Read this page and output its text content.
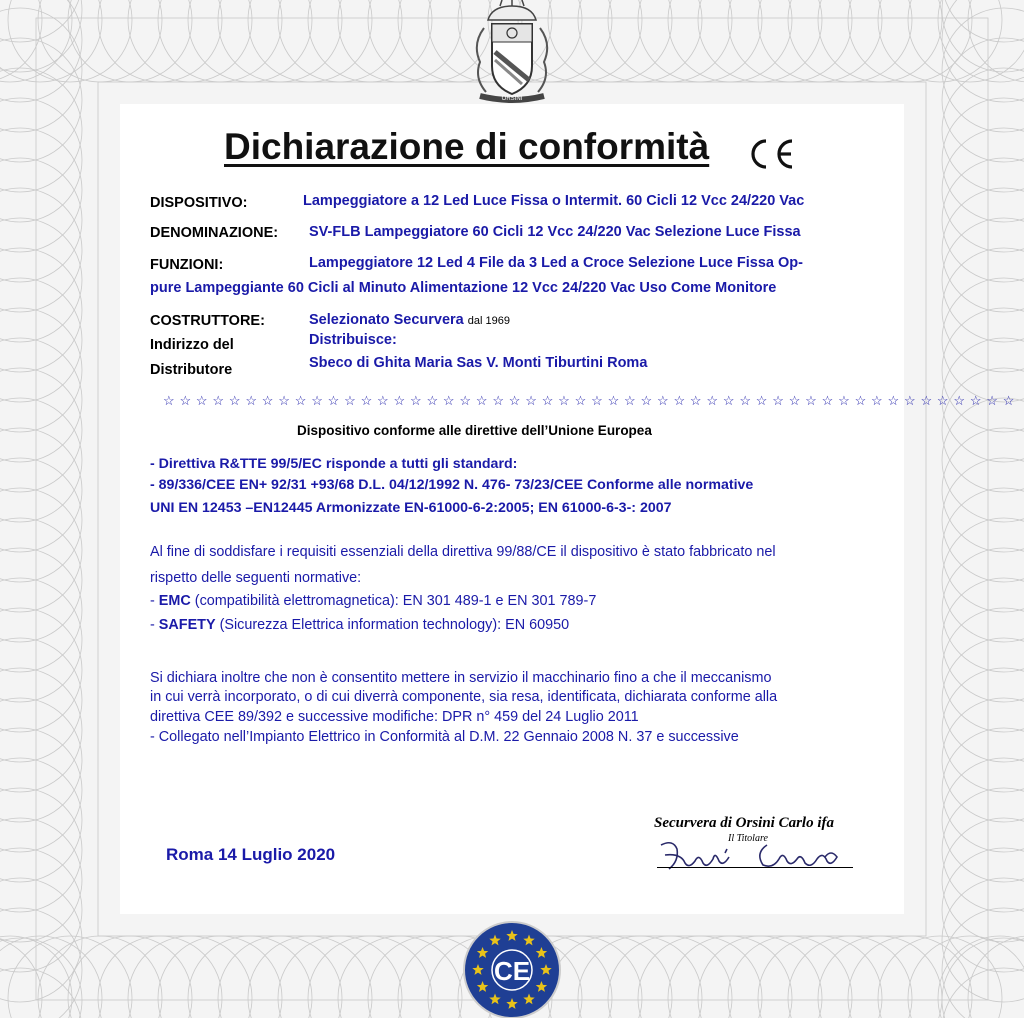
ORSINI
Dichiarazione di conformità
DISPOSITIVO:	Lampeggiatore a 12 Led Luce Fissa o Intermit. 60 Cicli 12 Vcc 24/220 Vac
DENOMINAZIONE: SV-FLB Lampeggiatore 60 Cicli 12 Vcc 24/220 Vac Selezione Luce Fissa
FUNZIONI:	Lampeggiatore 12 Led 4 File da 3 Led a Croce Selezione Luce Fissa Op-
pure Lampeggiante 60 Cicli al Minuto Alimentazione 12 Vcc 24/220 Vac Uso Come Monitore
COSTRUTTORE:	Selezionato Securvera dal 1969
Indirizzo del	Distribuisce:
Distributore	Sbeco di Ghita Maria Sas V. Monti Tiburtini Roma
☆ ☆ ☆ ☆ ☆ ☆ ☆ ☆ ☆ ☆ ☆ ☆ ☆ ☆ ☆ ☆ ☆ ☆ ☆ ☆ ☆ ☆ ☆ ☆ ☆ ☆ ☆ ☆ ☆ ☆ ☆ ☆ ☆ ☆ ☆ ☆ ☆ ☆ ☆ ☆ ☆ ☆ ☆ ☆ ☆ ☆ ☆ ☆ ☆ ☆ ☆ ☆
Dispositivo conforme alle direttive dell’Unione Europea
- Direttiva R&TTE 99/5/EC risponde a tutti gli standard:
- 89/336/CEE EN+ 92/31 +93/68 D.L. 04/12/1992 N. 476- 73/23/CEE Conforme alle normative
UNI EN 12453 –EN12445 Armonizzate EN-61000-6-2:2005; EN 61000-6-3-: 2007
Al fine di soddisfare i requisiti essenziali della direttiva 99/88/CE il dispositivo è stato fabbricato nel
rispetto delle seguenti normative:
- EMC (compatibilità elettromagnetica): EN 301 489-1 e EN 301 789-7
- SAFETY (Sicurezza Elettrica information technology): EN 60950
Si dichiara inoltre che non è consentito mettere in servizio il macchinario fino a che il meccanismo
in cui verrà incorporato, o di cui diverrà componente, sia resa, identificata, dichiarata conforme alla
direttiva CEE 89/392 e successive modifiche: DPR n° 459 del 24 Luglio 2011
- Collegato nell’Impianto Elettrico in Conformità al D.M. 22 Gennaio 2008 N. 37 e successive
Roma 14 Luglio 2020
Securvera di Orsini Carlo ifa
Il Titolare
CE
